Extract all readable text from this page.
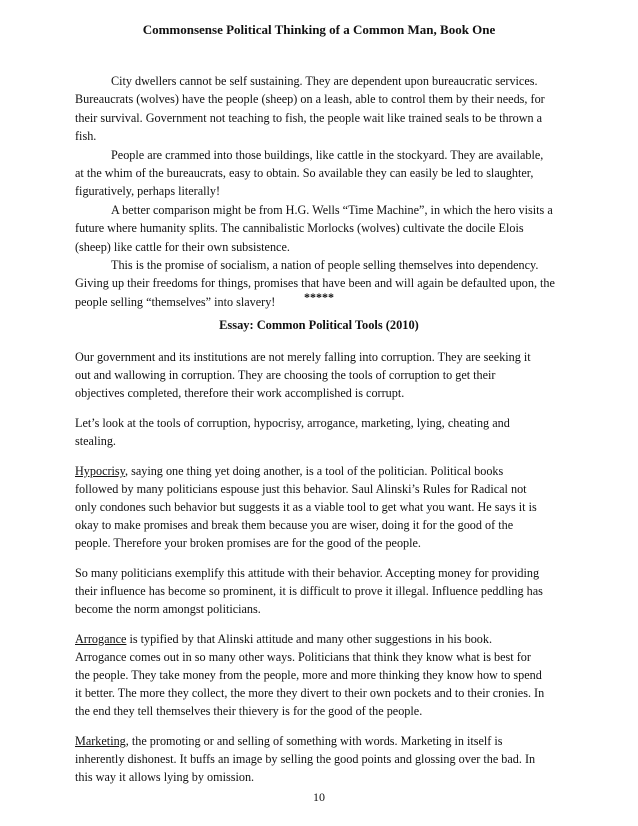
Commonsense Political Thinking of a Common Man, Book One

City dwellers cannot be self sustaining. They are dependent upon bureaucratic services. Bureaucrats (wolves) have the people (sheep) on a leash, able to control them by their needs, for their survival. Government not teaching to fish, the people wait like trained seals to be thrown a fish.

People are crammed into those buildings, like cattle in the stockyard. They are available, at the whim of the bureaucrats, easy to obtain. So available they can easily be led to slaughter, figuratively, perhaps literally!

A better comparison might be from H.G. Wells “Time Machine”, in which the hero visits a future where humanity splits. The cannibalistic Morlocks (wolves) cultivate the docile Elois (sheep) like cattle for their own subsistence.

This is the promise of socialism, a nation of people selling themselves into dependency. Giving up their freedoms for things, promises that have been and will again be defaulted upon, the people selling “themselves” into slavery!	*****
Essay: Common Political Tools (2010)

Our government and its institutions are not merely falling into corruption. They are seeking it out and wallowing in corruption. They are choosing the tools of corruption to get their objectives completed, therefore their work accomplished is corrupt.

Let’s look at the tools of corruption, hypocrisy, arrogance, marketing, lying, cheating and stealing.

Hypocrisy, saying one thing yet doing another, is a tool of the politician. Political books followed by many politicians espouse just this behavior. Saul Alinski’s Rules for Radical not only condones such behavior but suggests it as a viable tool to get what you want. He says it is okay to make promises and break them because you are wiser, doing it for the good of the people. Therefore your broken promises are for the good of the people.

So many politicians exemplify this attitude with their behavior. Accepting money for providing their influence has become so prominent, it is difficult to prove it illegal. Influence peddling has become the norm amongst politicians.

Arrogance is typified by that Alinski attitude and many other suggestions in his book. Arrogance comes out in so many other ways. Politicians that think they know what is best for the people. They take money from the people, more and more thinking they know how to spend it better. The more they collect, the more they divert to their own pockets and to their cronies. In the end they tell themselves their thievery is for the good of the people.

Marketing, the promoting or and selling of something with words. Marketing in itself is inherently dishonest. It buffs an image by selling the good points and glossing over the bad. In this way it allows lying by omission.

10
